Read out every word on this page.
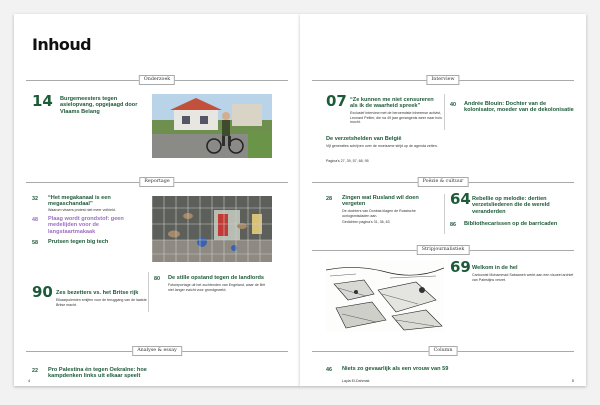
Inhoud
Onderzoek
14 Burgemeesters tegen asielopvang, opgejaagd door Vlaams Belang
Reportage
32 “Het megakanaal is een megaschandaal”
Waarom vissers protest niet meer volhield.
48 Plaag wordt grondstof: geen medelijden voor de langstaartmakaak
58 Prutsen tegen big tech
90 Zes bezetters vs. het Britse rijk
Elkaarpolemien smijten voor de teruggang van de laatste Britse macht.
80 De stille opstand tegen de landlords
Fotoreportage uit het zuchtenden van Engeland, waar de Brit niet langer zwicht voor grondgeweld.
Analyse & essay
22 Pro Palestina én tegen Oekraïne: hoe kampdenken links uit elkaar speelt
4
Interview
07 “Ze kunnen me niet censureren als ik de waarheid spreek”
Exclusief interview met de beroemdste inheemse activist, Leonard Peltier, die na 49 jaar gevangenis weer naar huis mocht.
40 Andrée Blouin: Dochter van de kolonisator, moeder van de dekolonisatie
De verzetshelden van België
Vijf generaties schrijven over de moeizame strijd op de agenda zetten.
Pagina's 27, 39, 57, 68, 95
Poëzie & cultuur
28 Zingen wat Rusland wil doen vergeten
De dochters van Donbas klagen de Russische oorlogsmisdaden aan.
Gedichten pagina's 31, 36, 63
64 Rebellie op melodie: dertien verzetsliederen die de wereld veranderden
86 Bibliothecarissen op de barricaden
Stripjournalistiek
69 Welkom in de hel
Cartoonist Mohammad Sabaaneh werkt aan een visueel archief van Palestijns verzet.
Column
46 Niets zo gevaarlijk als een vrouw van 59
Layla El-Dahmak	5
